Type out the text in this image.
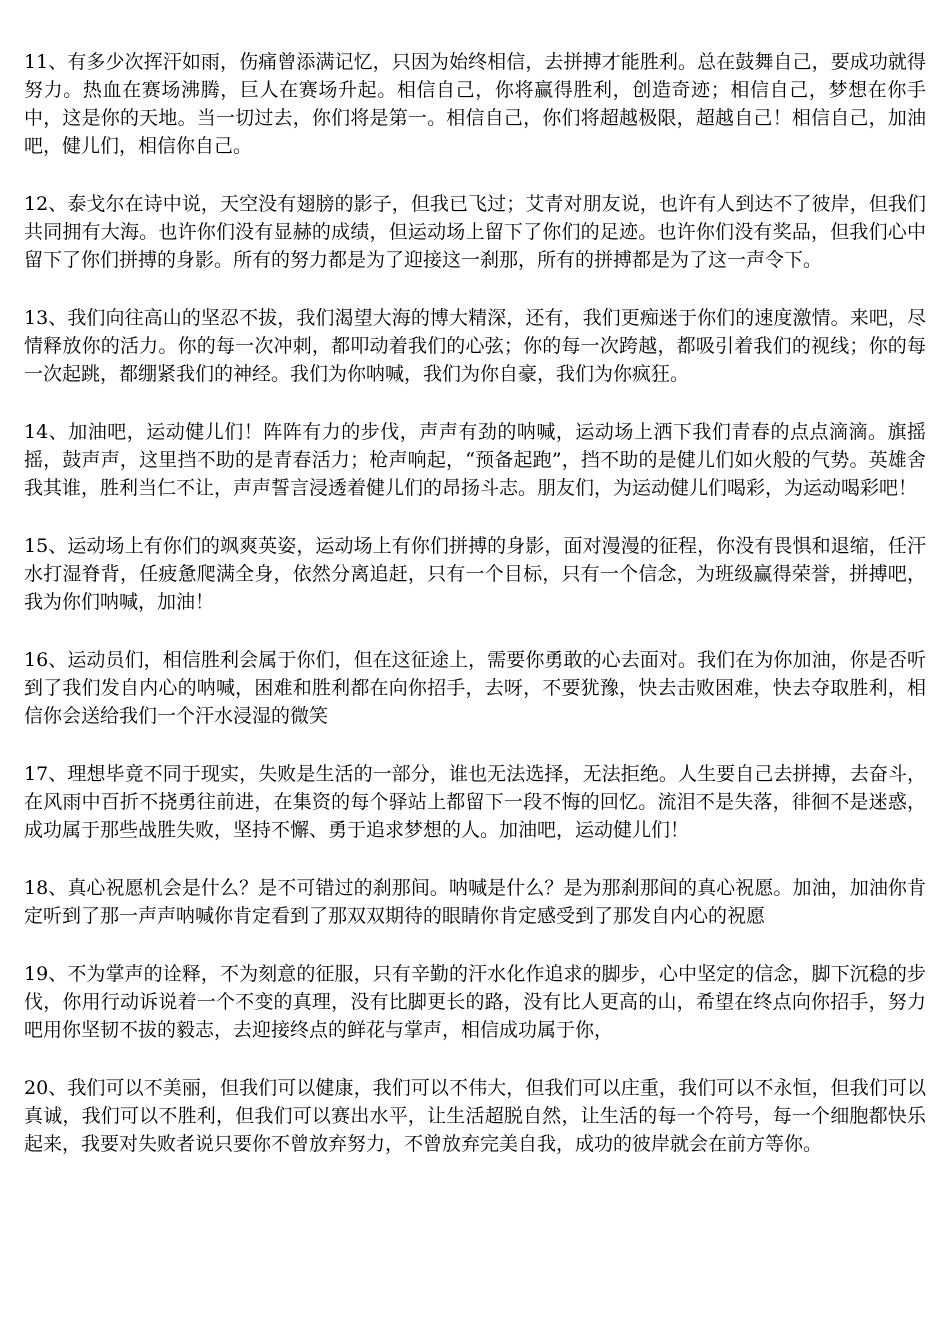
11、有多少次挥汗如雨，伤痛曾添满记忆，只因为始终相信，去拼搏才能胜利。总在鼓舞自己，要成功就得努力。热血在赛场沸腾，巨人在赛场升起。相信自己，你将赢得胜利，创造奇迹；相信自己，梦想在你手中，这是你的天地。当一切过去，你们将是第一。相信自己，你们将超越极限，超越自己！相信自己，加油吧，健儿们，相信你自己。

12、泰戈尔在诗中说，天空没有翅膀的影子，但我已飞过；艾青对朋友说，也许有人到达不了彼岸，但我们共同拥有大海。也许你们没有显赫的成绩，但运动场上留下了你们的足迹。也许你们没有奖品，但我们心中留下了你们拼搏的身影。所有的努力都是为了迎接这一刹那，所有的拼搏都是为了这一声令下。

13、我们向往高山的坚忍不拔，我们渴望大海的博大精深，还有，我们更痴迷于你们的速度激情。来吧，尽情释放你的活力。你的每一次冲刺，都叩动着我们的心弦；你的每一次跨越，都吸引着我们的视线；你的每一次起跳，都绷紧我们的神经。我们为你呐喊，我们为你自豪，我们为你疯狂。

14、加油吧，运动健儿们！阵阵有力的步伐，声声有劲的呐喊，运动场上洒下我们青春的点点滴滴。旗摇摇，鼓声声，这里挡不助的是青春活力；枪声响起，“预备起跑”，挡不助的是健儿们如火般的气势。英雄舍我其谁，胜利当仁不让，声声誓言浸透着健儿们的昂扬斗志。朋友们，为运动健儿们喝彩，为运动喝彩吧！

15、运动场上有你们的飒爽英姿，运动场上有你们拼搏的身影，面对漫漫的征程，你没有畏惧和退缩，任汗水打湿脊背，任疲惫爬满全身，依然分离追赶，只有一个目标，只有一个信念，为班级赢得荣誉，拼搏吧，我为你们呐喊，加油！

16、运动员们，相信胜利会属于你们，但在这征途上，需要你勇敢的心去面对。我们在为你加油，你是否听到了我们发自内心的呐喊，困难和胜利都在向你招手，去呀，不要犹豫，快去击败困难，快去夺取胜利，相信你会送给我们一个汗水浸湿的微笑

17、理想毕竟不同于现实，失败是生活的一部分，谁也无法选择，无法拒绝。人生要自己去拼搏，去奋斗，在风雨中百折不挠勇往前进，在集资的每个驿站上都留下一段不悔的回忆。流泪不是失落，徘徊不是迷惑，成功属于那些战胜失败，坚持不懈、勇于追求梦想的人。加油吧，运动健儿们！

18、真心祝愿机会是什么？是不可错过的刹那间。呐喊是什么？是为那刹那间的真心祝愿。加油，加油你肯定听到了那一声声呐喊你肯定看到了那双双期待的眼睛你肯定感受到了那发自内心的祝愿

19、不为掌声的诠释，不为刻意的征服，只有辛勤的汗水化作追求的脚步，心中坚定的信念，脚下沉稳的步伐，你用行动诉说着一个不变的真理，没有比脚更长的路，没有比人更高的山，希望在终点向你招手，努力吧用你坚韧不拔的毅志，去迎接终点的鲜花与掌声，相信成功属于你，

20、我们可以不美丽，但我们可以健康，我们可以不伟大，但我们可以庄重，我们可以不永恒，但我们可以真诚，我们可以不胜利，但我们可以赛出水平，让生活超脱自然，让生活的每一个符号，每一个细胞都快乐起来，我要对失败者说只要你不曾放弃努力，不曾放弃完美自我，成功的彼岸就会在前方等你。
